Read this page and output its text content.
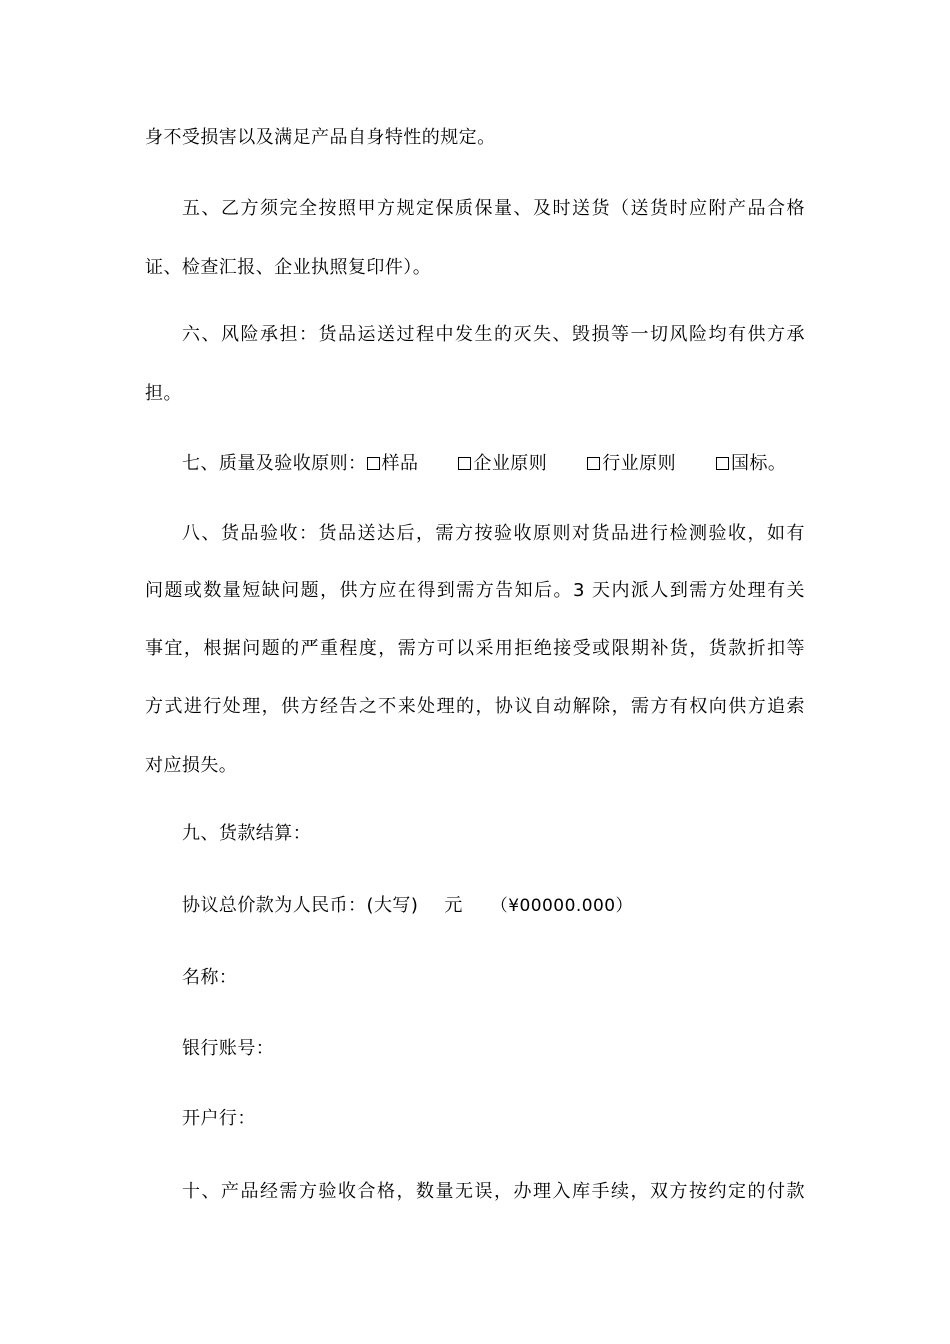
身不受损害以及满足产品自身特性的规定。
五、乙方须完全按照甲方规定保质保量、及时送货（送货时应附产品合格
证、检查汇报、企业执照复印件）。
六、风险承担：货品运送过程中发生的灭失、毁损等一切风险均有供方承
担。
七、质量及验收原则： 样品	企业原则	行业原则	国标。
八、货品验收：货品送达后，需方按验收原则对货品进行检测验收，如有
问题或数量短缺问题，供方应在得到需方告知后。3 天内派人到需方处理有关
事宜，根据问题的严重程度，需方可以采用拒绝接受或限期补货，货款折扣等
方式进行处理，供方经告之不来处理的，协议自动解除，需方有权向供方追索
对应损失。
九、货款结算：
协议总价款为人民币：(大写) 元 （¥00000.000）
名称：
银行账号：
开户行：
十、产品经需方验收合格，数量无误，办理入库手续，双方按约定的付款
